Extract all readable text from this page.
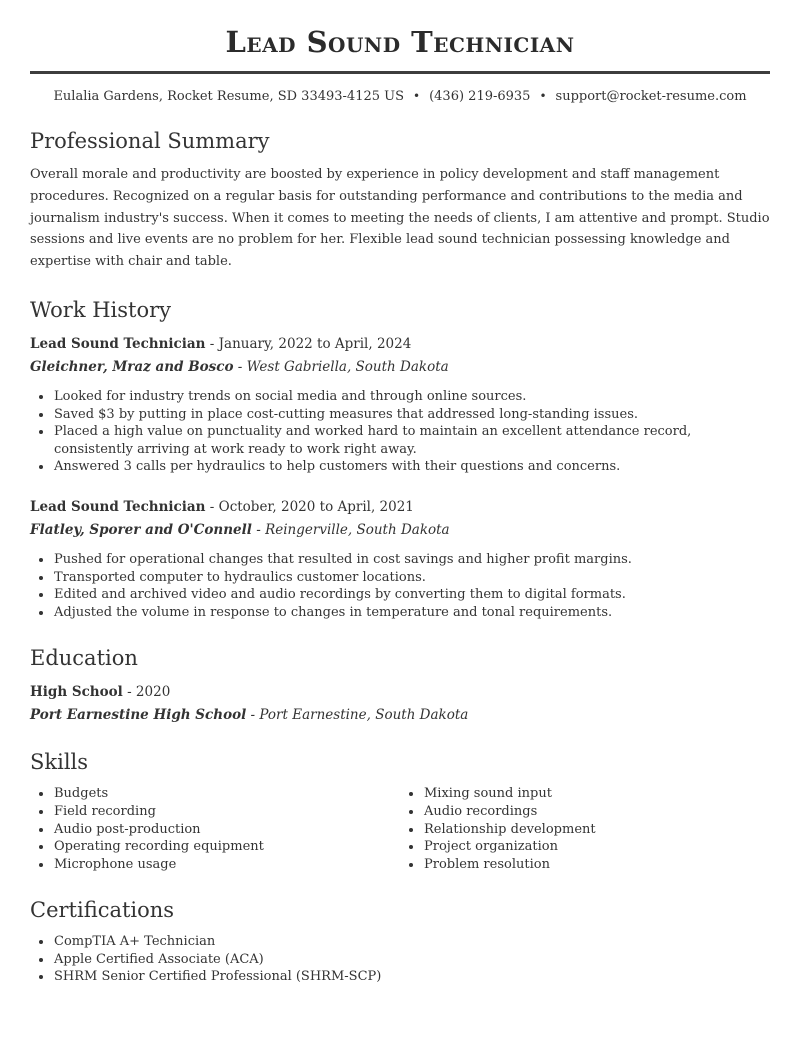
Lead Sound Technician
Eulalia Gardens, Rocket Resume, SD 33493-4125 US • (436) 219-6935 • support@rocket-resume.com
Professional Summary

Overall morale and productivity are boosted by experience in policy development and staff management procedures. Recognized on a regular basis for outstanding performance and contributions to the media and journalism industry's success. When it comes to meeting the needs of clients, I am attentive and prompt. Studio sessions and live events are no problem for her. Flexible lead sound technician possessing knowledge and expertise with chair and table.

Work History
Lead Sound Technician - January, 2022 to April, 2024
Gleichner, Mraz and Bosco - West Gabriella, South Dakota
• Looked for industry trends on social media and through online sources.
• Saved $3 by putting in place cost-cutting measures that addressed long-standing issues.
• Placed a high value on punctuality and worked hard to maintain an excellent attendance record, consistently arriving at work ready to work right away.
• Answered 3 calls per hydraulics to help customers with their questions and concerns.
Lead Sound Technician - October, 2020 to April, 2021
Flatley, Sporer and O'Connell - Reingerville, South Dakota
• Pushed for operational changes that resulted in cost savings and higher profit margins.
• Transported computer to hydraulics customer locations.
• Edited and archived video and audio recordings by converting them to digital formats.
• Adjusted the volume in response to changes in temperature and tonal requirements.
Education
High School - 2020
Port Earnestine High School - Port Earnestine, South Dakota
Skills
• Budgets
• Field recording
• Audio post-production
• Operating recording equipment
• Microphone usage
• Mixing sound input
• Audio recordings
• Relationship development
• Project organization
• Problem resolution
Certifications
• CompTIA A+ Technician
• Apple Certified Associate (ACA)
• SHRM Senior Certified Professional (SHRM-SCP)
